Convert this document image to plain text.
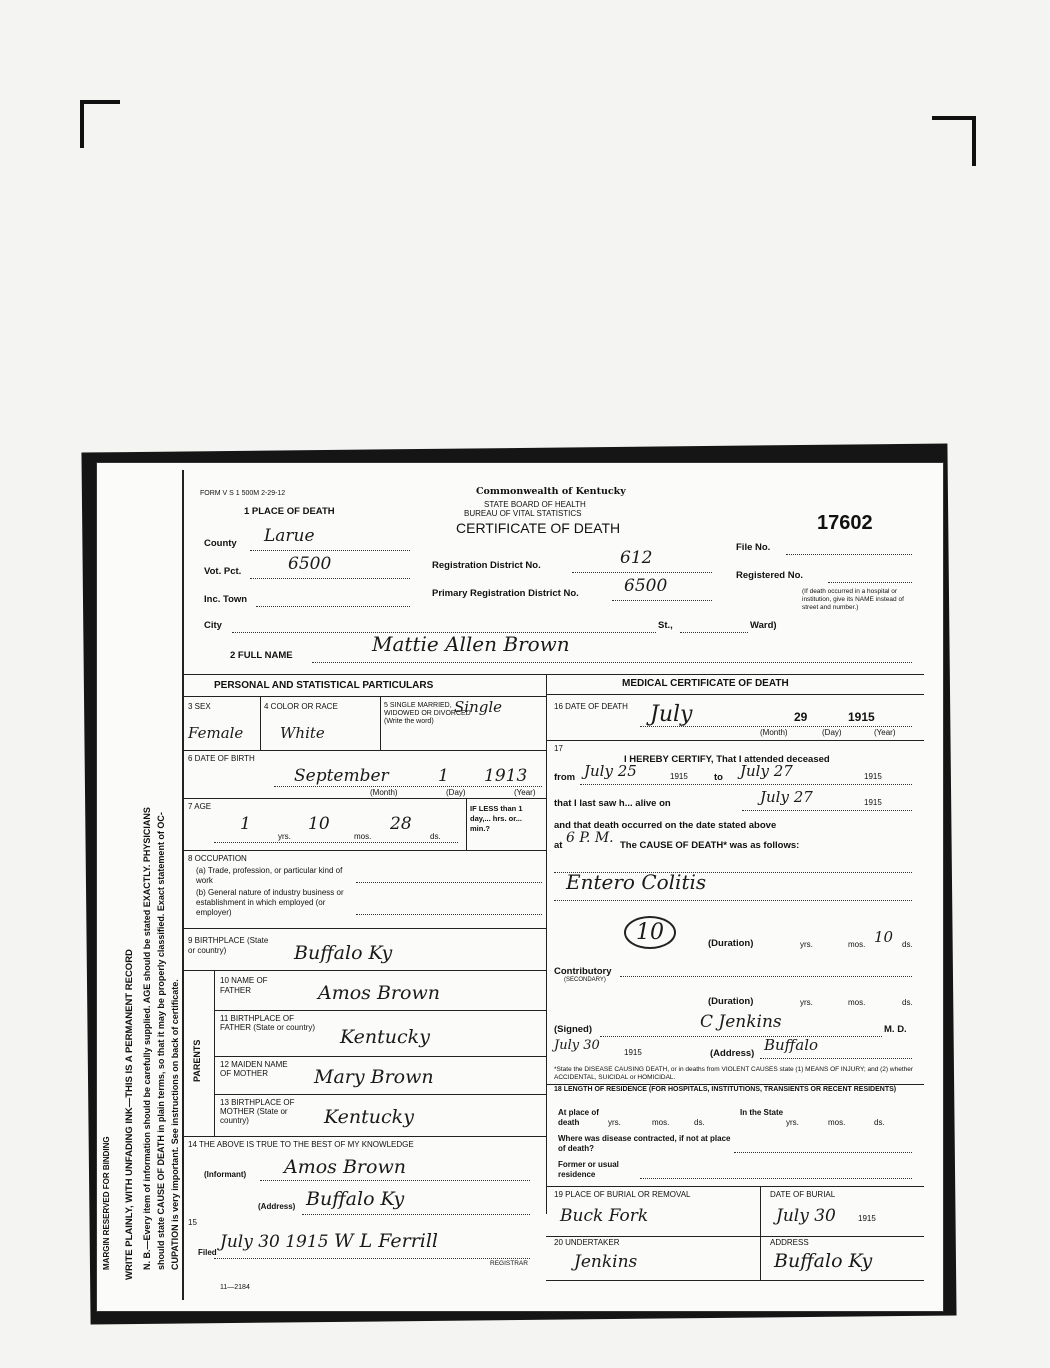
MARGIN RESERVED FOR BINDING WRITE PLAINLY, WITH UNFADING INK—THIS IS A PERMANENT RECORD N. B.—Every item of information should be carefully supplied. AGE should be stated EXACTLY. PHYSICIANS should state CAUSE OF DEATH in plain terms, so that it may be properly classified. Exact statement of OC- CUPATION is very important. See instructions on back of certificate.
FORM V S 1 500M 2-29-12	Commonwealth of Kentucky
STATE BOARD OF HEALTH
BUREAU OF VITAL STATISTICS
CERTIFICATE OF DEATH	17602
1 PLACE OF DEATH
County Larue
Vot. Pct.	6500
Inc. Town
Registration District No.	612
Primary Registration District No.	6500
File No.
Registered No.
(If death occurred in a hospital or institution, give its NAME instead of street and number.)
City	St.,	Ward)
2 FULL NAME	Mattie Allen Brown
PERSONAL AND STATISTICAL PARTICULARS	MEDICAL CERTIFICATE OF DEATH
3 SEX
Female
4 COLOR OR RACE
White
5 SINGLE MARRIED, WIDOWED OR DIVORCED (Write the word)
Single
6 DATE OF BIRTH
September	1 1913
(Month)	(Day)	(Year)
7 AGE
1
yrs.
10
mos.
28
ds.
IF LESS than 1 day,... hrs. or... min.?
8 OCCUPATION
(a) Trade, profession, or particular kind of work
(b) General nature of industry business or establishment in which employed (or employer)
9 BIRTHPLACE (State or country)	Buffalo Ky
PARENTS
10 NAME OF FATHER	Amos Brown
11 BIRTHPLACE OF FATHER (State or country) Kentucky
12 MAIDEN NAME OF MOTHER	Mary Brown
13 BIRTHPLACE OF MOTHER (State or country)	Kentucky
14 THE ABOVE IS TRUE TO THE BEST OF MY KNOWLEDGE
(Informant) Amos Brown
(Address) Buffalo Ky
15
Filed
July 30 1915 W L Ferrill
REGISTRAR
11—2184
16 DATE OF DEATH July	29	1915
(Month)	(Day)	(Year)
17
I HEREBY CERTIFY, That I attended deceased
from July 25	1915	to July 27	1915
that I last saw h... alive on	July 27	1915
and that death occurred on the date stated above
at 6 P. M. The CAUSE OF DEATH* was as follows:
Entero Colitis
10	(Duration)	yrs.	mos. 10 ds.
Contributory
(SECONDARY)
(Duration)	yrs.	mos.	ds.
(Signed)	C Jenkins	M. D.
July 30	1915	(Address) Buffalo
*State the DISEASE CAUSING DEATH, or in deaths from VIOLENT CAUSES state (1) MEANS OF INJURY; and (2) whether ACCIDENTAL, SUICIDAL or HOMICIDAL.
18 LENGTH OF RESIDENCE (FOR HOSPITALS, INSTITUTIONS, TRANSIENTS OR RECENT RESIDENTS)
At place of death	yrs.	mos.	ds.
In the State
yrs.	mos.	ds.
Where was disease contracted, if not at place of death?
Former or usual residence
19 PLACE OF BURIAL OR REMOVAL
Buck Fork
DATE OF BURIAL
July 30	1915
20 UNDERTAKER
Jenkins
ADDRESS
Buffalo Ky
